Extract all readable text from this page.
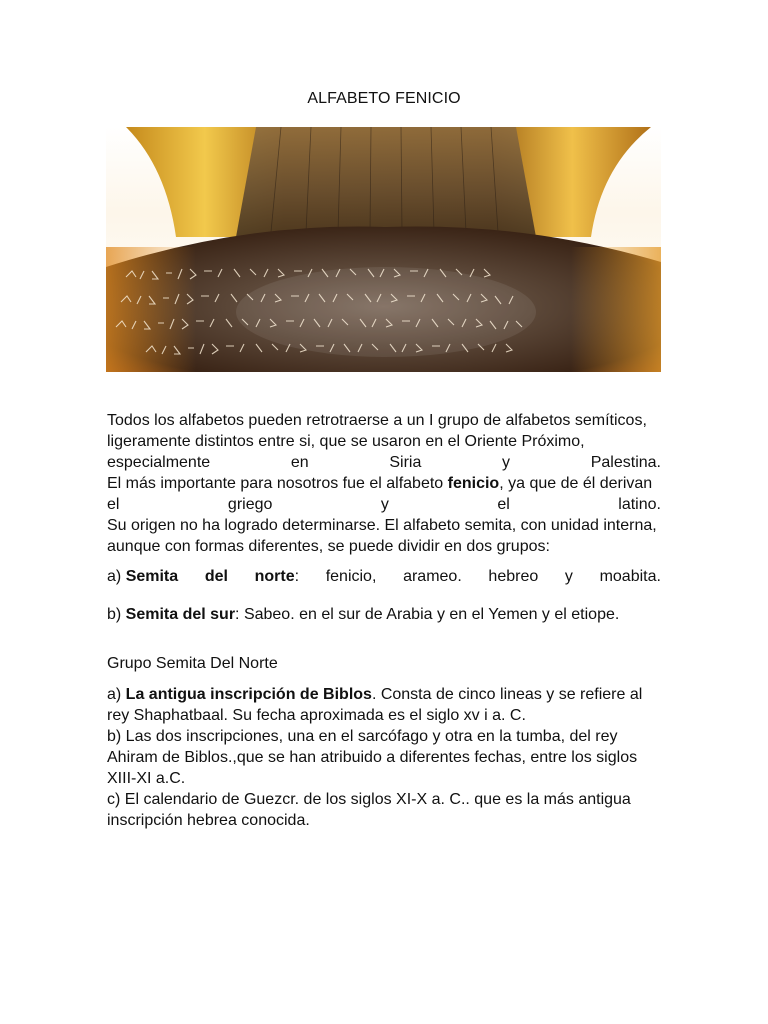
ALFABETO FENICIO
Todos los alfabetos pueden retrotraerse a un I grupo de alfabetos semíticos,
ligeramente distintos entre si, que se usaron en el Oriente Próximo,
especialmente	en	Siria	y	Palestina.
El más importante para nosotros fue el alfabeto fenicio, ya que de él derivan
el	griego	y	el	latino.
Su origen no ha logrado determinarse. El alfabeto semita, con unidad interna,
aunque con formas diferentes, se puede dividir en dos grupos:
a) Semita del norte: fenicio, arameo. hebreo y moabita.
b) Semita del sur: Sabeo. en el sur de Arabia y en el Yemen y el etiope.
Grupo Semita Del Norte
a) La antigua inscripción de Biblos. Consta de cinco lineas y se refiere al
rey Shaphatbaal. Su fecha aproximada es el siglo xv i a. C.
b) Las dos inscripciones, una en el sarcófago y otra en la tumba, del rey
Ahiram de Biblos.,que se han atribuido a diferentes fechas, entre los siglos
XIII-XI a.C.
c) El calendario de Guezcr. de los siglos XI-X a. C.. que es la más antigua
inscripción hebrea conocida.
